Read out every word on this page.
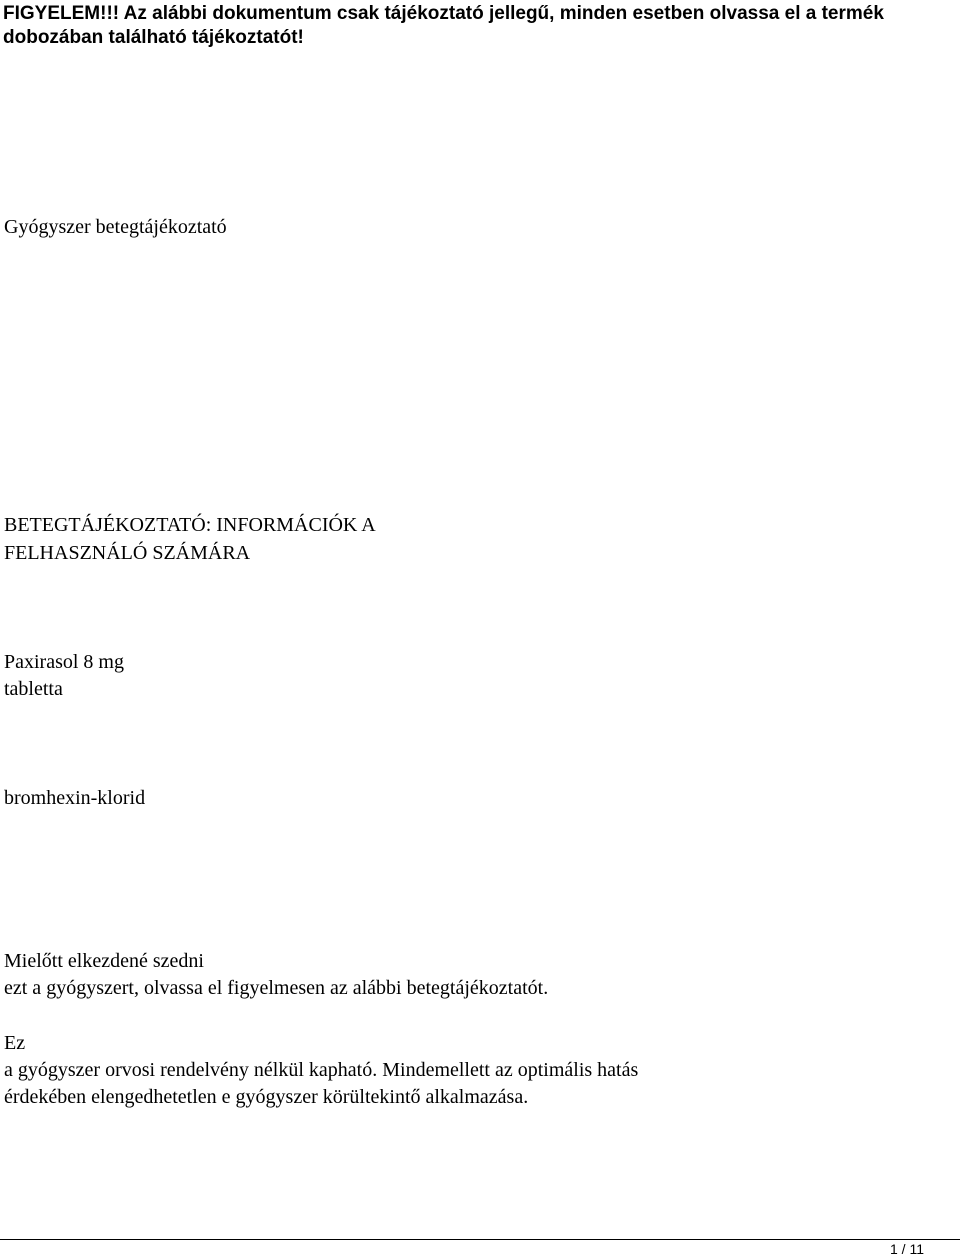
FIGYELEM!!! Az alábbi dokumentum csak tájékoztató jellegű, minden esetben olvassa el a termék
dobozában található tájékoztatót!
Gyógyszer betegtájékoztató
BETEGTÁJÉKOZTATÓ: INFORMÁCIÓK A
FELHASZNÁLÓ SZÁMÁRA
Paxirasol 8 mg
tabletta
bromhexin-klorid
Mielőtt elkezdené szedni
ezt a gyógyszert, olvassa el figyelmesen az alábbi betegtájékoztatót.
Ez
a gyógyszer orvosi rendelvény nélkül kapható. Mindemellett az optimális hatás
érdekében elengedhetetlen e gyógyszer körültekintő alkalmazása.
1 / 11
